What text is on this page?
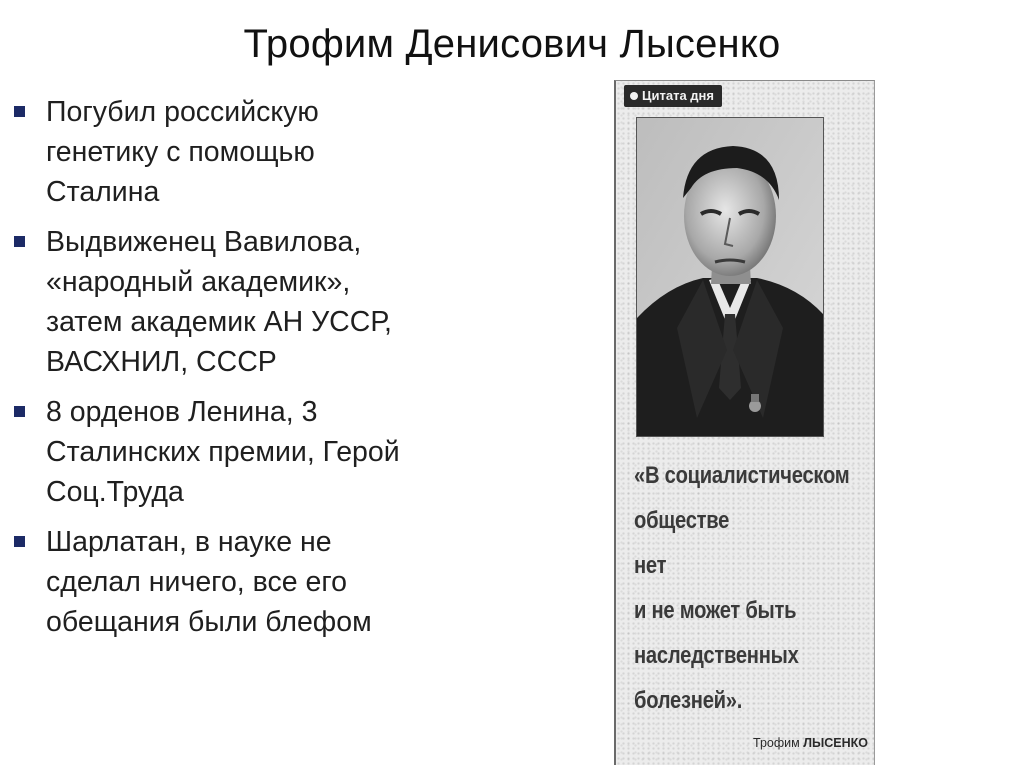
Трофим Денисович Лысенко
Погубил российскую
генетику с помощью
Сталина
Выдвиженец Вавилова,
«народный академик»,
затем академик АН УССР,
ВАСХНИЛ, СССР
8 орденов Ленина, 3
Сталинских премии, Герой
Соц.Труда
Шарлатан, в науке не
сделал ничего, все его
обещания были блефом
Цитата дня
«В социалистическом
обществе
нет
и не может быть
наследственных
болезней».
Трофим ЛЫСЕНКО
